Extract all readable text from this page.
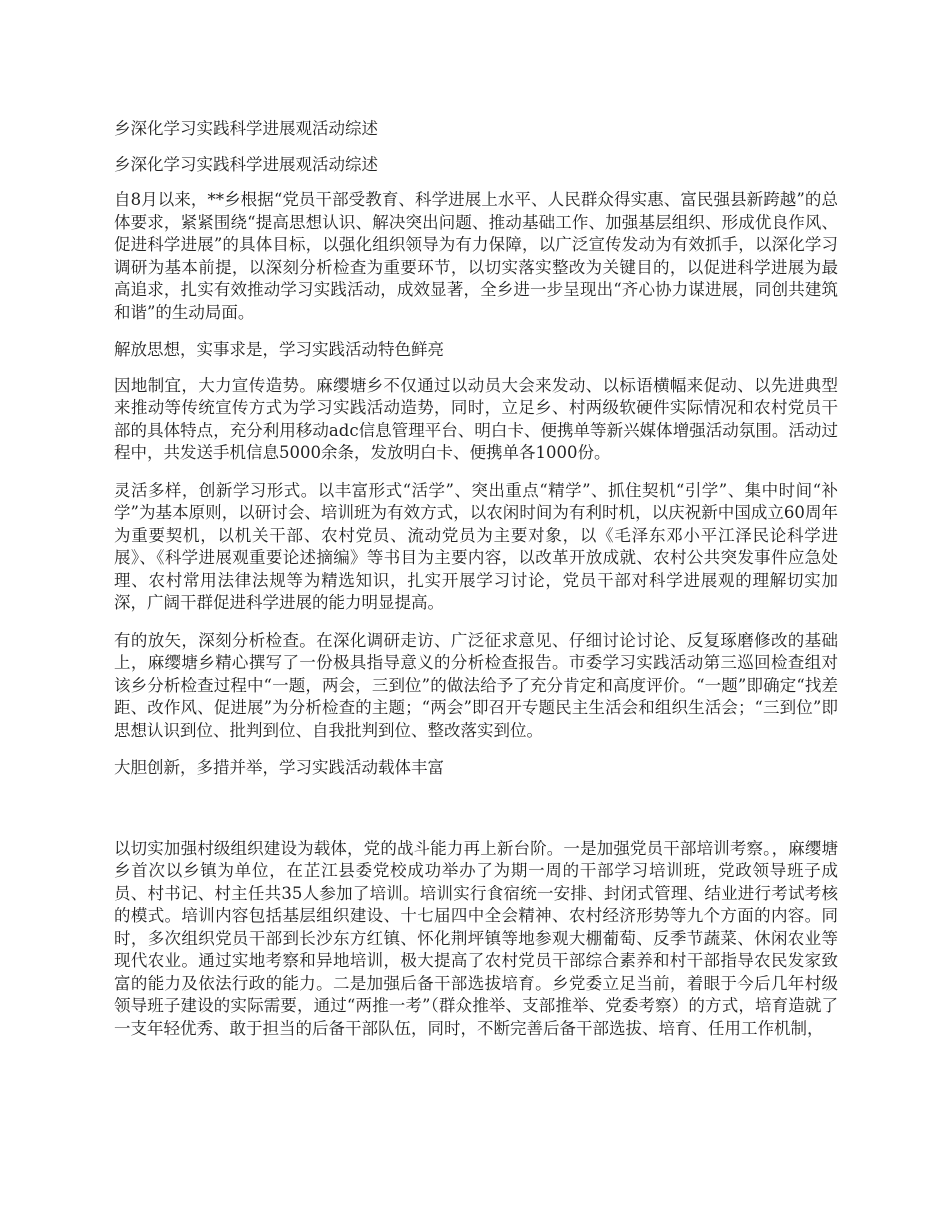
乡深化学习实践科学进展观活动综述

乡深化学习实践科学进展观活动综述

自8月以来，**乡根据“党员干部受教育、科学进展上水平、人民群众得实惠、富民强县新跨越”的总体要求，紧紧围绕“提高思想认识、解决突出问题、推动基础工作、加强基层组织、形成优良作风、促进科学进展”的具体目标，以强化组织领导为有力保障，以广泛宣传发动为有效抓手，以深化学习调研为基本前提，以深刻分析检查为重要环节，以切实落实整改为关键目的，以促进科学进展为最高追求，扎实有效推动学习实践活动，成效显著，全乡进一步呈现出“齐心协力谋进展，同创共建筑和谐”的生动局面。

解放思想，实事求是，学习实践活动特色鲜亮

因地制宜，大力宣传造势。麻缨塘乡不仅通过以动员大会来发动、以标语横幅来促动、以先进典型来推动等传统宣传方式为学习实践活动造势，同时，立足乡、村两级软硬件实际情况和农村党员干部的具体特点，充分利用移动adc信息管理平台、明白卡、便携单等新兴媒体增强活动氛围。活动过程中，共发送手机信息5000余条，发放明白卡、便携单各1000份。

灵活多样，创新学习形式。以丰富形式“活学”、突出重点“精学”、抓住契机“引学”、集中时间“补学”为基本原则，以研讨会、培训班为有效方式，以农闲时间为有利时机，以庆祝新中国成立60周年为重要契机，以机关干部、农村党员、流动党员为主要对象，以《毛泽东邓小平江泽民论科学进展》、《科学进展观重要论述摘编》等书目为主要内容，以改革开放成就、农村公共突发事件应急处理、农村常用法律法规等为精选知识，扎实开展学习讨论，党员干部对科学进展观的理解切实加深，广阔干群促进科学进展的能力明显提高。

有的放矢，深刻分析检查。在深化调研走访、广泛征求意见、仔细讨论讨论、反复琢磨修改的基础上，麻缨塘乡精心撰写了一份极具指导意义的分析检查报告。市委学习实践活动第三巡回检查组对该乡分析检查过程中“一题，两会，三到位”的做法给予了充分肯定和高度评价。“一题”即确定“找差距、改作风、促进展”为分析检查的主题；“两会”即召开专题民主生活会和组织生活会；“三到位”即思想认识到位、批判到位、自我批判到位、整改落实到位。

大胆创新，多措并举，学习实践活动载体丰富

以切实加强村级组织建设为载体，党的战斗能力再上新台阶。一是加强党员干部培训考察。，麻缨塘乡首次以乡镇为单位，在芷江县委党校成功举办了为期一周的干部学习培训班，党政领导班子成员、村书记、村主任共35人参加了培训。培训实行食宿统一安排、封闭式管理、结业进行考试考核的模式。培训内容包括基层组织建设、十七届四中全会精神、农村经济形势等九个方面的内容。同时，多次组织党员干部到长沙东方红镇、怀化荆坪镇等地参观大棚葡萄、反季节蔬菜、休闲农业等现代农业。通过实地考察和异地培训，极大提高了农村党员干部综合素养和村干部指导农民发家致富的能力及依法行政的能力。二是加强后备干部选拔培育。乡党委立足当前，着眼于今后几年村级领导班子建设的实际需要，通过“两推一考”（群众推举、支部推举、党委考察）的方式，培育造就了一支年轻优秀、敢于担当的后备干部队伍，同时，不断完善后备干部选拔、培育、任用工作机制，
